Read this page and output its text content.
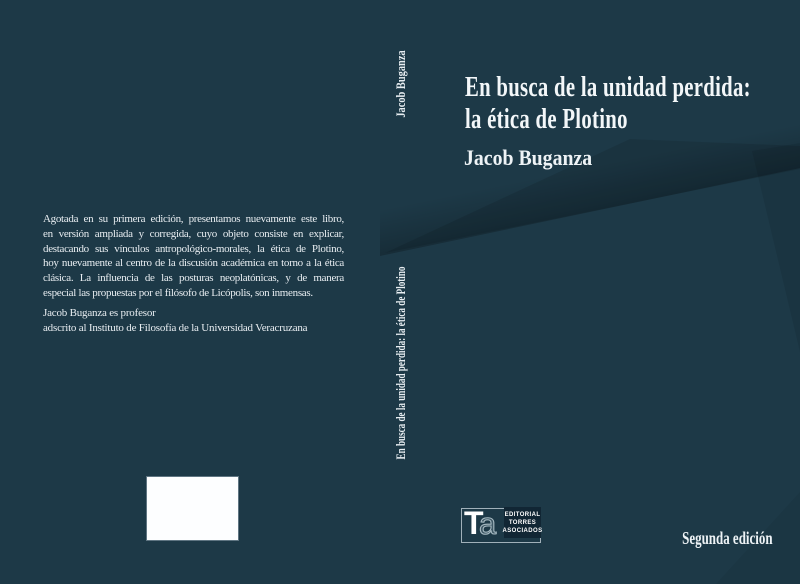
Agotada en su primera edición, presentamos nuevamente este libro,
en versión ampliada y corregida, cuyo objeto consiste en explicar,
destacando sus vínculos antropológico-morales, la ética de Plotino,
hoy nuevamente al centro de la discusión académica en torno a la ética
clásica. La influencia de las posturas neoplatónicas, y de manera
especial las propuestas por el filósofo de Licópolis, son inmensas.
Jacob Buganza es profesor
adscrito al Instituto de Filosofía de la Universidad Veracruzana
Jacob Buganza
En busca de la unidad perdida: la ética de Plotino
En busca de la unidad perdida:
la ética de Plotino
Jacob Buganza
T
a EDITORIAL
TORRES
ASOCIADOS	Segunda edición
